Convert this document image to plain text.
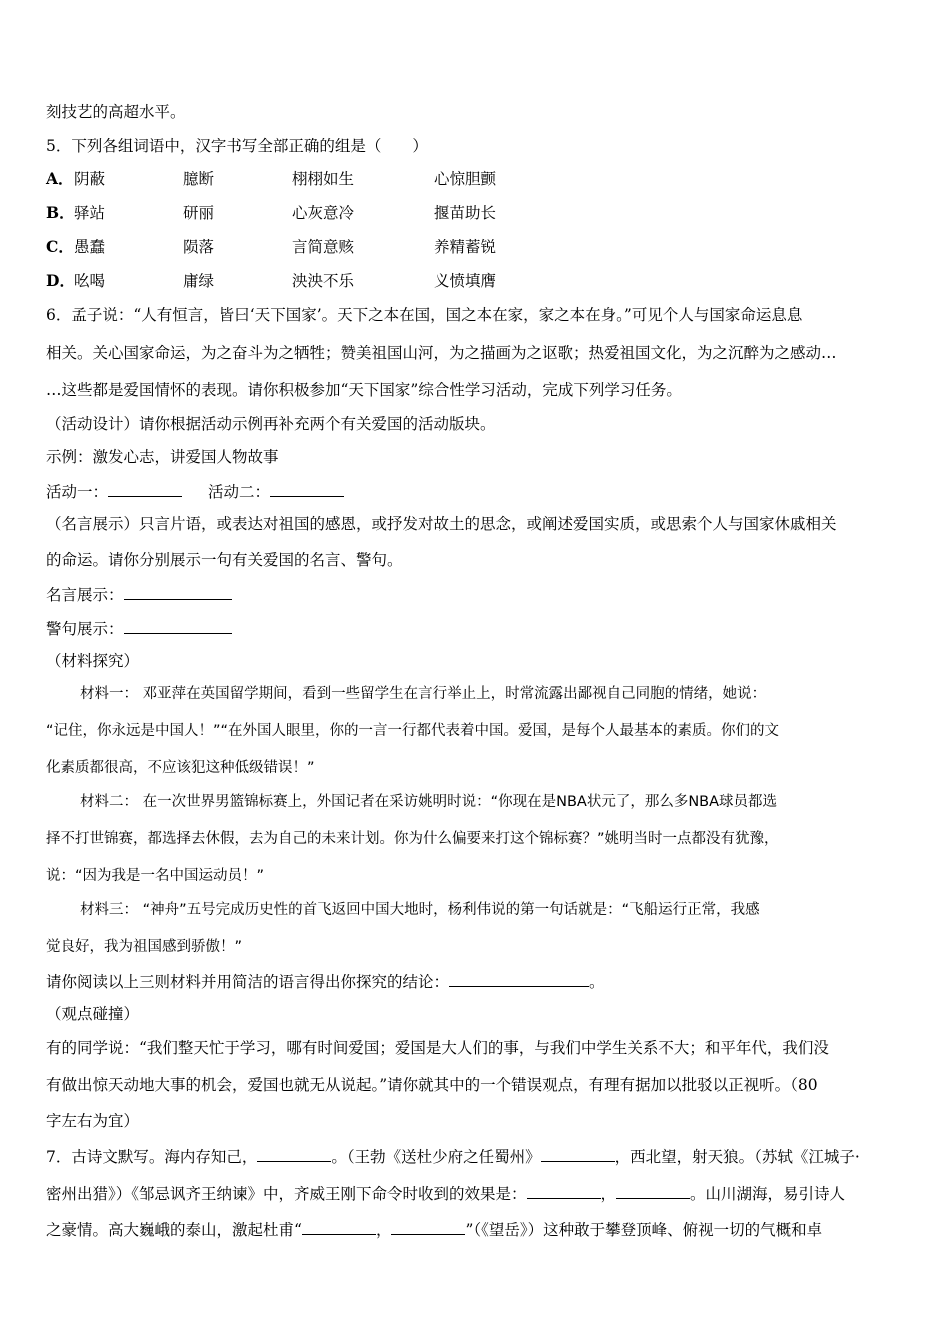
刻技艺的高超水平。
5．下列各组词语中，汉字书写全部正确的组是（　　）
A． 阴蔽	臆断	栩栩如生	心惊胆颤
B． 驿站	研丽	心灰意冷	揠苗助长
C． 愚蠢	陨落	言简意赅	养精蓄锐
D． 吆喝	庸绿	泱泱不乐	义愤填膺
6．孟子说：“人有恒言，皆曰‘天下国家’。天下之本在国，国之本在家，家之本在身。”可见个人与国家命运息息
相关。关心国家命运，为之奋斗为之牺牲；赞美祖国山河，为之描画为之讴歌；热爱祖国文化，为之沉醉为之感动…
…这些都是爱国情怀的表现。请你积极参加“天下国家”综合性学习活动，完成下列学习任务。
（活动设计）请你根据活动示例再补充两个有关爱国的活动版块。
示例：激发心志，讲爱国人物故事
活动一：	活动二：
（名言展示）只言片语，或表达对祖国的感恩，或抒发对故土的思念，或阐述爱国实质，或思索个人与国家休戚相关
的命运。请你分别展示一句有关爱国的名言、警句。
名言展示：
警句展示：
（材料探究）
材料一： 邓亚萍在英国留学期间，看到一些留学生在言行举止上，时常流露出鄙视自己同胞的情绪，她说：
“记住，你永远是中国人！”“在外国人眼里，你的一言一行都代表着中国。爱国，是每个人最基本的素质。你们的文
化素质都很高，不应该犯这种低级错误！”
材料二： 在一次世界男篮锦标赛上，外国记者在采访姚明时说：“你现在是NBA状元了，那么多NBA球员都选
择不打世锦赛，都选择去休假，去为自己的未来计划。你为什么偏要来打这个锦标赛？”姚明当时一点都没有犹豫，
说：“因为我是一名中国运动员！”
材料三： “神舟”五号完成历史性的首飞返回中国大地时，杨利伟说的第一句话就是：“飞船运行正常，我感
觉良好，我为祖国感到骄傲！”
请你阅读以上三则材料并用简洁的语言得出你探究的结论：	。
（观点碰撞）
有的同学说：“我们整天忙于学习，哪有时间爱国；爱国是大人们的事，与我们中学生关系不大；和平年代，我们没
有做出惊天动地大事的机会，爱国也就无从说起。”请你就其中的一个错误观点，有理有据加以批驳以正视听。（80
字左右为宜）
7．古诗文默写。海内存知己，	。（王勃《送杜少府之任蜀州》	，西北望，射天狼。（苏轼《江城子·
密州出猎》）《邹忌讽齐王纳谏》中，齐威王刚下命令时收到的效果是：	，	。山川湖海，易引诗人
之豪情。高大巍峨的泰山，激起杜甫“	，	”（《望岳》）这种敢于攀登顶峰、俯视一切的气概和卓
